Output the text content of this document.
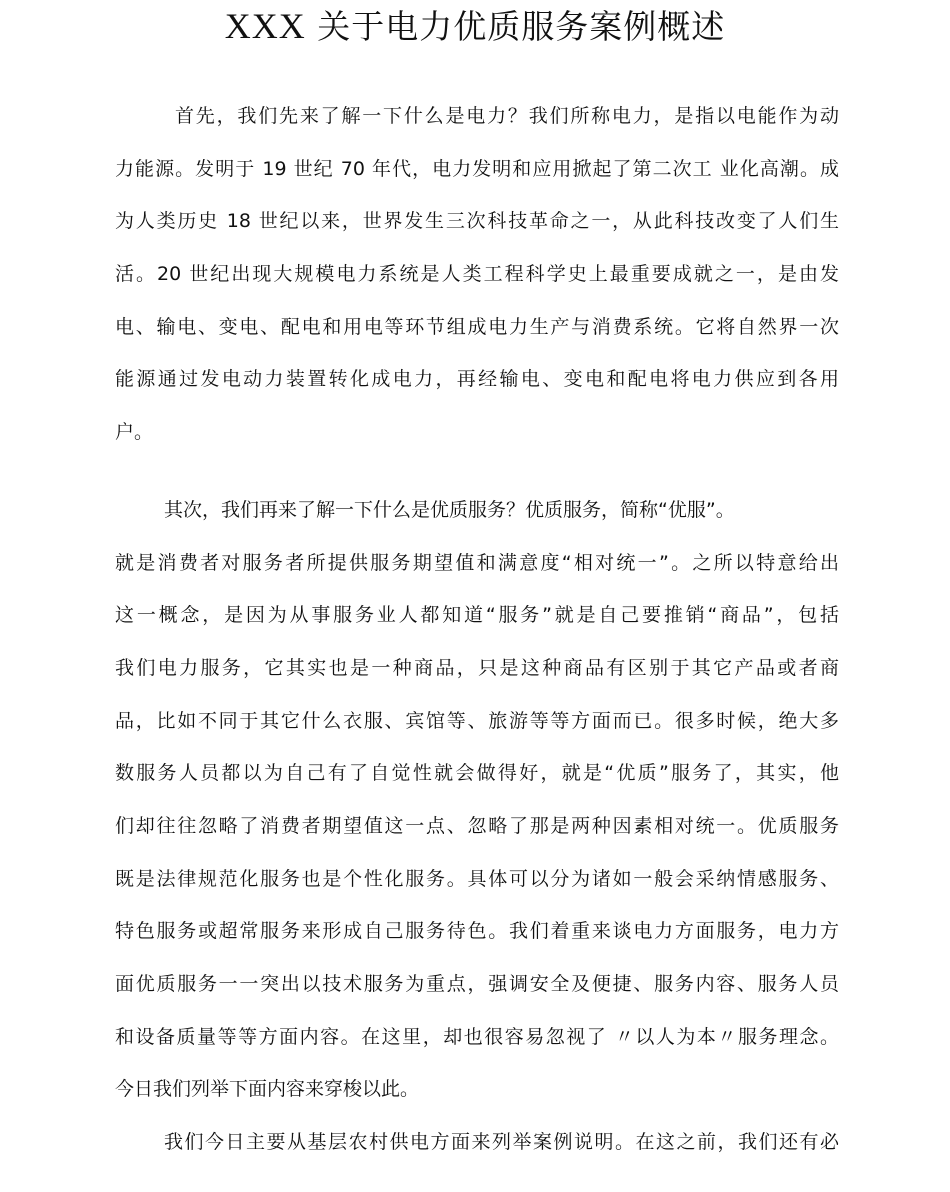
XXX 关于电力优质服务案例概述
首先，我们先来了解一下什么是电力？我们所称电力，是指以电能作为动
力能源。发明于 19 世纪 70 年代，电力发明和应用掀起了第二次工 业化高潮。成
为人类历史 18 世纪以来，世界发生三次科技革命之一，从此科技改变了人们生
活。20 世纪出现大规模电力系统是人类工程科学史上最重要成就之一，是由发
电、输电、变电、配电和用电等环节组成电力生产与消费系统。它将自然界一次
能源通过发电动力装置转化成电力，再经输电、变电和配电将电力供应到各用
户。
其次，我们再来了解一下什么是优质服务？优质服务，简称“优服”。
就是消费者对服务者所提供服务期望值和满意度“相对统一”。之所以特意给出
这一概念，是因为从事服务业人都知道“服务”就是自己要推销“商品”，包括
我们电力服务，它其实也是一种商品，只是这种商品有区别于其它产品或者商
品，比如不同于其它什么衣服、宾馆等、旅游等等方面而已。很多时候，绝大多
数服务人员都以为自己有了自觉性就会做得好，就是“优质”服务了，其实，他
们却往往忽略了消费者期望值这一点、忽略了那是两种因素相对统一。优质服务
既是法律规范化服务也是个性化服务。具体可以分为诸如一般会采纳情感服务、
特色服务或超常服务来形成自己服务待色。我们着重来谈电力方面服务，电力方
面优质服务一一突出以技术服务为重点，强调安全及便捷、服务内容、服务人员
和设备质量等等方面内容。在这里，却也很容易忽视了 〃以人为本〃服务理念。
今日我们列举下面内容来穿梭以此。
我们今日主要从基层农村供电方面来列举案例说明。在这之前，我们还有必
